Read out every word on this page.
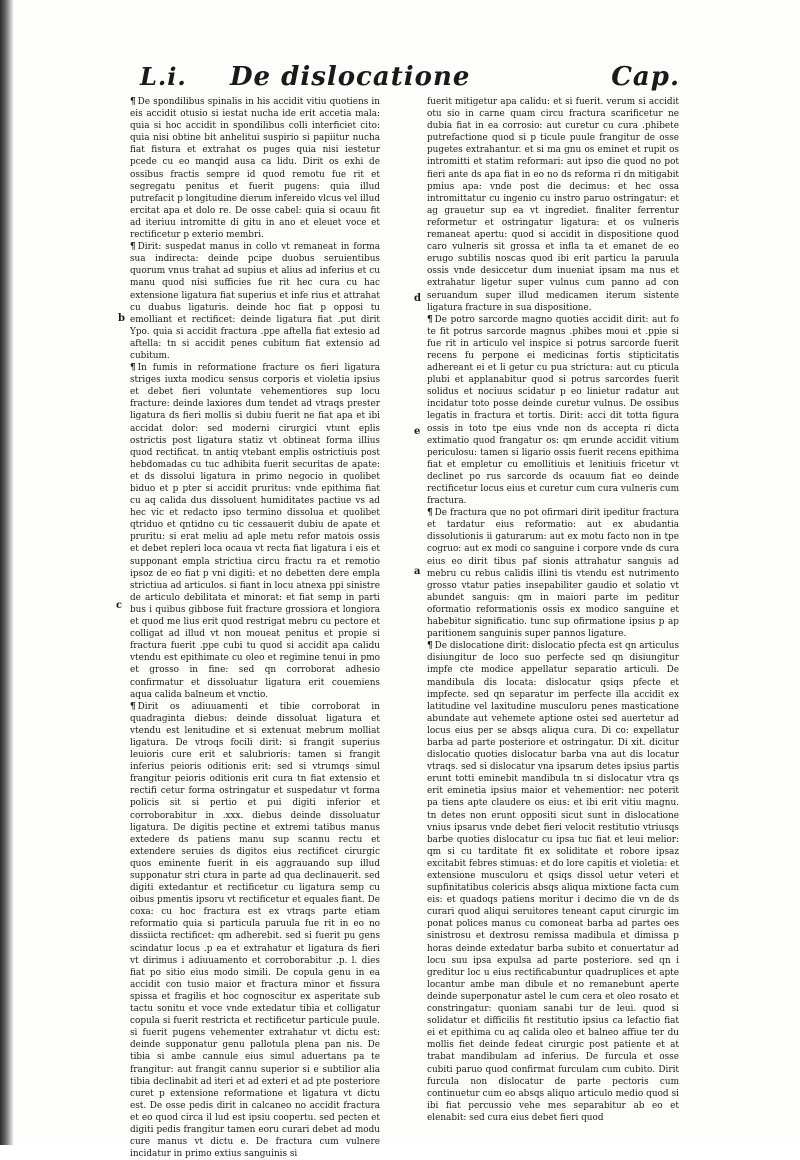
L.i. De dislocatione	Cap.
b
c
d
e
a

¶ De spondilibus spinalis in his accidit vitiu quotiens in eis accidit otusio si iestat nucha ide erit accetia mala: quia si hoc accidit in spondilibus colli interficiet cito: quia nisi obtine bit anhelitui suspirio si papiitur nucha fiat fistura et extrahat os puges quia nisi iestetur pcede cu eo manqid ausa ca lidu. Dirit os exhi de ossibus fractis sempre id quod remotu fue rit et segregatu penitus et fuerit pugens: quia illud putrefacit p longitudine dierum infereido vlcus vel illud ercitat apa et dolo re. De osse cabel: quia si ocauu fit ad iteriuu intromitte di gitu in ano et eleuet voce et rectificetur p exterio membri.

¶ Dirit: suspedat manus in collo vt remaneat in forma sua indirecta: deinde pcipe duobus seruientibus quorum vnus trahat ad supius et alius ad inferius et cu manu quod nisi sufficies fue rit hec cura cu hac extensione ligatura fiat superius et infe rius et attrahat cu duabus ligaturis. deinde hoc fiat p opposi tu emolliant et rectificet: deinde ligatura fiat .put dirit Ypo. quia si accidit fractura .ppe aftella fiat extesio ad aftella: tn si accidit penes cubitum fiat extensio ad cubitum.

¶ In fumis in reformatione fracture os fieri ligatura striges iuxta modicu sensus corporis et violetia ipsius et debet fieri voluntate vehementiores sup locu fracture: deinde laxiores dum tendet ad vtraqs prester ligatura ds fieri mollis si dubiu fuerit ne fiat apa et ibi accidat dolor: sed moderni cirurgici vtunt eplis ostrictis post ligatura statiz vt obtineat forma illius quod rectificat. tn antiq vtebant emplis ostrictiuis post hebdomadas cu tuc adhibita fuerit securitas de apate: et ds dissolui ligatura in primo negocio in quolibet biduo et p pter si accidit pruritus: vnde epithima fiat cu aq calida dus dissoluent humiditates pactiue vs ad hec vic et redacto ipso termino dissolua et quolibet qtriduo et qntidno cu tic cessauerit dubiu de apate et pruritu: si erat meliu ad aple metu refor matois ossis et debet repleri loca ocaua vt recta fiat ligatura i eis et supponant empla strictiua circu fractu ra et remotio ipsoz de eo fiat p vni digiti: et no debetten dere empla strictiua ad articulos. si fiant in locu atnexa ppi sinistre de articulo debilitata et minorat: et fiat semp in parti bus i quibus gibbose fuit fracture grossiora et longiora et quod me lius erit quod restrigat mebru cu pectore et colligat ad illud vt non moueat penitus et propie si fractura fuerit .ppe cubi tu quod si accidit apa calidu vtendu est epithimate cu oleo et regimine tenui in pmo et grosso in fine: sed qn corroborat adhesio confirmatur et dissoluatur ligatura erit couemiens aqua calida balneum et vnctio.

¶ Dirit os adiuuamenti et tibie corroborat in quadraginta diebus: deinde dissoluat ligatura et vtendu est lenitudine et si extenuat mebrum molliat ligatura. De vtroqs focili dirit: si frangit superius leuioris cure erit et salubrioris: tamen si frangit inferius peioris oditionis erit: sed si vtrumqs simul frangitur peioris oditionis erit cura tn fiat extensio et rectifi cetur forma ostringatur et suspedatur vt forma policis sit si pertio et pui digiti inferior et corroborabitur in .xxx. diebus deinde dissoluatur ligatura. De digitis pectine et extremi tatibus manus extedere ds patiens manu sup scannu rectu et extendere seruies ds digitos eius rectificet cirurgic quos eminente fuerit in eis aggrauando sup illud supponatur stri ctura in parte ad qua declinauerit. sed digiti extedantur et rectificetur cu ligatura semp cu oibus pmentis ipsoru vt rectificetur et equales fiant. De coxa: cu hoc fractura est ex vtraqs parte etiam reformatio quia si particula paruula fue rit in eo no dissiicta rectificet: qm adherebit. sed si fuerit pu gens scindatur locus .p ea et extrahatur et ligatura ds fieri vt dirimus i adiuuamento et corroborabitur .p. l. dies fiat po sitio eius modo simili. De copula genu in ea accidit con tusio maior et fractura minor et fissura spissa et fragilis et hoc cognoscitur ex asperitate sub tactu sonitu et voce vnde extedatur tibia et colligatur copula si fuerit restricta et rectificetur particule puule. si fuerit pugens vehementer extrahatur vt dictu est: deinde supponatur genu pallotula plena pan nis. De tibia si ambe cannule eius simul aduertans pa te frangitur: aut frangit cannu superior si e subtilior alia tibia declinabit ad iteri et ad exteri et ad pte posteriore curet p extensione reformatione et ligatura vt dictu est. De osse pedis dirit in calcaneo no accidit fractura et eo quod circa il lud est ipsiu coopertu. sed pecten et digiti pedis frangitur tamen eoru curari debet ad modu cure manus vt dictu e. De fractura cum vulnere incidatur in primo extius sanguinis si

fuerit mitigetur apa calidu: et si fuerit. verum si accidit otu sio in carne quam circu fractura scarificetur ne dubia fiat in ea corrosio: aut curetur cu cura .phibete putrefactione quod si p ticule puule frangitur de osse pugetes extrahantur. et si ma gnu os eminet et rupit os intromitti et statim reformari: aut ipso die quod no pot fieri ante ds apa fiat in eo no ds reforma ri dn mitigabit pmius apa: vnde post die decimus: et hec ossa intromittatur cu ingenio cu instro paruo ostringatur: et ag grauetur sup ea vt ingrediet. finaliter ferrentur reformetur et ostringatur ligatura: et os vulneris remaneat apertu: quod si accidit in dispositione quod caro vulneris sit grossa et infla ta et emanet de eo erugo subtilis noscas quod ibi erit particu la paruula ossis vnde desiccetur dum inueniat ipsam ma nus et extrahatur ligetur super vulnus cum panno ad con seruandum super illud medicamen iterum sistente ligatura fracture in sua dispositione.

¶ De potro sarcorde magno quoties accidit dirit: aut fo te fit potrus sarcorde magnus .phibes moui et .ppie si fue rit in articulo vel inspice si potrus sarcorde fuerit recens fu perpone ei medicinas fortis stipticitatis adhereant ei et li getur cu pua strictura: aut cu pticula plubi et applanabitur quod si potrus sarcordes fuerit solidus et nociuus scidatur p eo linietur radatur aut incidatur toto posse deinde curetur vulnus. De ossibus legatis in fractura et tortis. Dirit: acci dit totta figura ossis in toto tpe eius vnde non ds accepta ri dicta extimatio quod frangatur os: qm erunde accidit vitium periculosu: tamen si ligario ossis fuerit recens epithima fiat et empletur cu emollitiuis et lenitiuis fricetur vt declinet po rus sarcorde ds ocauum fiat eo deinde rectificetur locus eius et curetur cum cura vulneris cum fractura.

¶ De fractura que no pot ofirmari dirit ipeditur fractura et tardatur eius reformatio: aut ex abudantia dissolutionis ii gaturarum: aut ex motu facto non in tpe cogruo: aut ex modi co sanguine i corpore vnde ds cura eius eo dirit tibus paf sionis attrahatur sanguis ad mebru cu rebus calidis illini tis vtendu est nutrimento grosso vtatur paties insepabiliter gaudio et solatio vt abundet sanguis: qm in maiori parte im peditur oformatio reformationis ossis ex modico sanguine et habebitur significatio. tunc sup ofirmatione ipsius p ap paritionem sanguinis super pannos ligature.

¶ De dislocatione dirit: dislocatio pfecta est qn articulus disiungitur de loco suo perfecte sed qn disiungitur impfe cte modice appellatur separatio articuli. De mandibula dis locata: dislocatur qsiqs pfecte et impfecte. sed qn separatur im perfecte illa accidit ex latitudine vel laxitudine musculoru penes masticatione abundate aut vehemete aptione ostei sed auertetur ad locus eius per se absqs aliqua cura. Di co: expellatur barba ad parte posteriore et ostringatur. Di xit. dicitur dislocatio quoties dislocatur barba vna aut dis locatur vtraqs. sed si dislocatur vna ipsarum detes ipsius partis erunt totti eminebit mandibula tn si dislocatur vtra qs erit eminetia ipsius maior et vehementior: nec poterit pa tiens apte claudere os eius: et ibi erit vitiu magnu. tn detes non erunt oppositi sicut sunt in dislocatione vnius ipsarus vnde debet fieri velocit restitutio vtriusqs barbe quoties dislocatur cu ipsa tuc fiat et leui melior: qm si cu tarditate fit ex soliditate et robore ipsaz excitabit febres stimuas: et do lore capitis et violetia: et extensione musculoru et qsiqs dissol uetur veteri et supfinitatibus colericis absqs aliqua mixtione facta cum eis: et quadoqs patiens moritur i decimo die vn de ds curari quod aliqui seruitores teneant caput cirurgic im ponat polices manus cu comoneat barba ad partes oes sinistrosu et dextrosu remissa madibula et dimissa p horas deinde extedatur barba subito et conuertatur ad locu suu ipsa expulsa ad parte posteriore. sed qn i greditur loc u eius rectificabuntur quadruplices et apte locantur ambe man dibule et no remanebunt aperte deinde superponatur astel le cum cera et oleo rosato et constringatur: quoniam sanabi tur de leui. quod si solidatur et difficilis fit restitutio ipsius ca lefactio fiat ei et epithima cu aq calida oleo et balneo affiue ter du mollis fiet deinde fedeat cirurgic post patiente et at trabat mandibulam ad inferius. De furcula et osse cubiti paruo quod confirmat furculam cum cubito. Dirit furcula non dislocatur de parte pectoris cum continuetur cum eo absqs aliquo articulo medio quod si ibi fiat percussio vehe mes separabitur ab eo et elenabit: sed cura eius debet fieri quod
